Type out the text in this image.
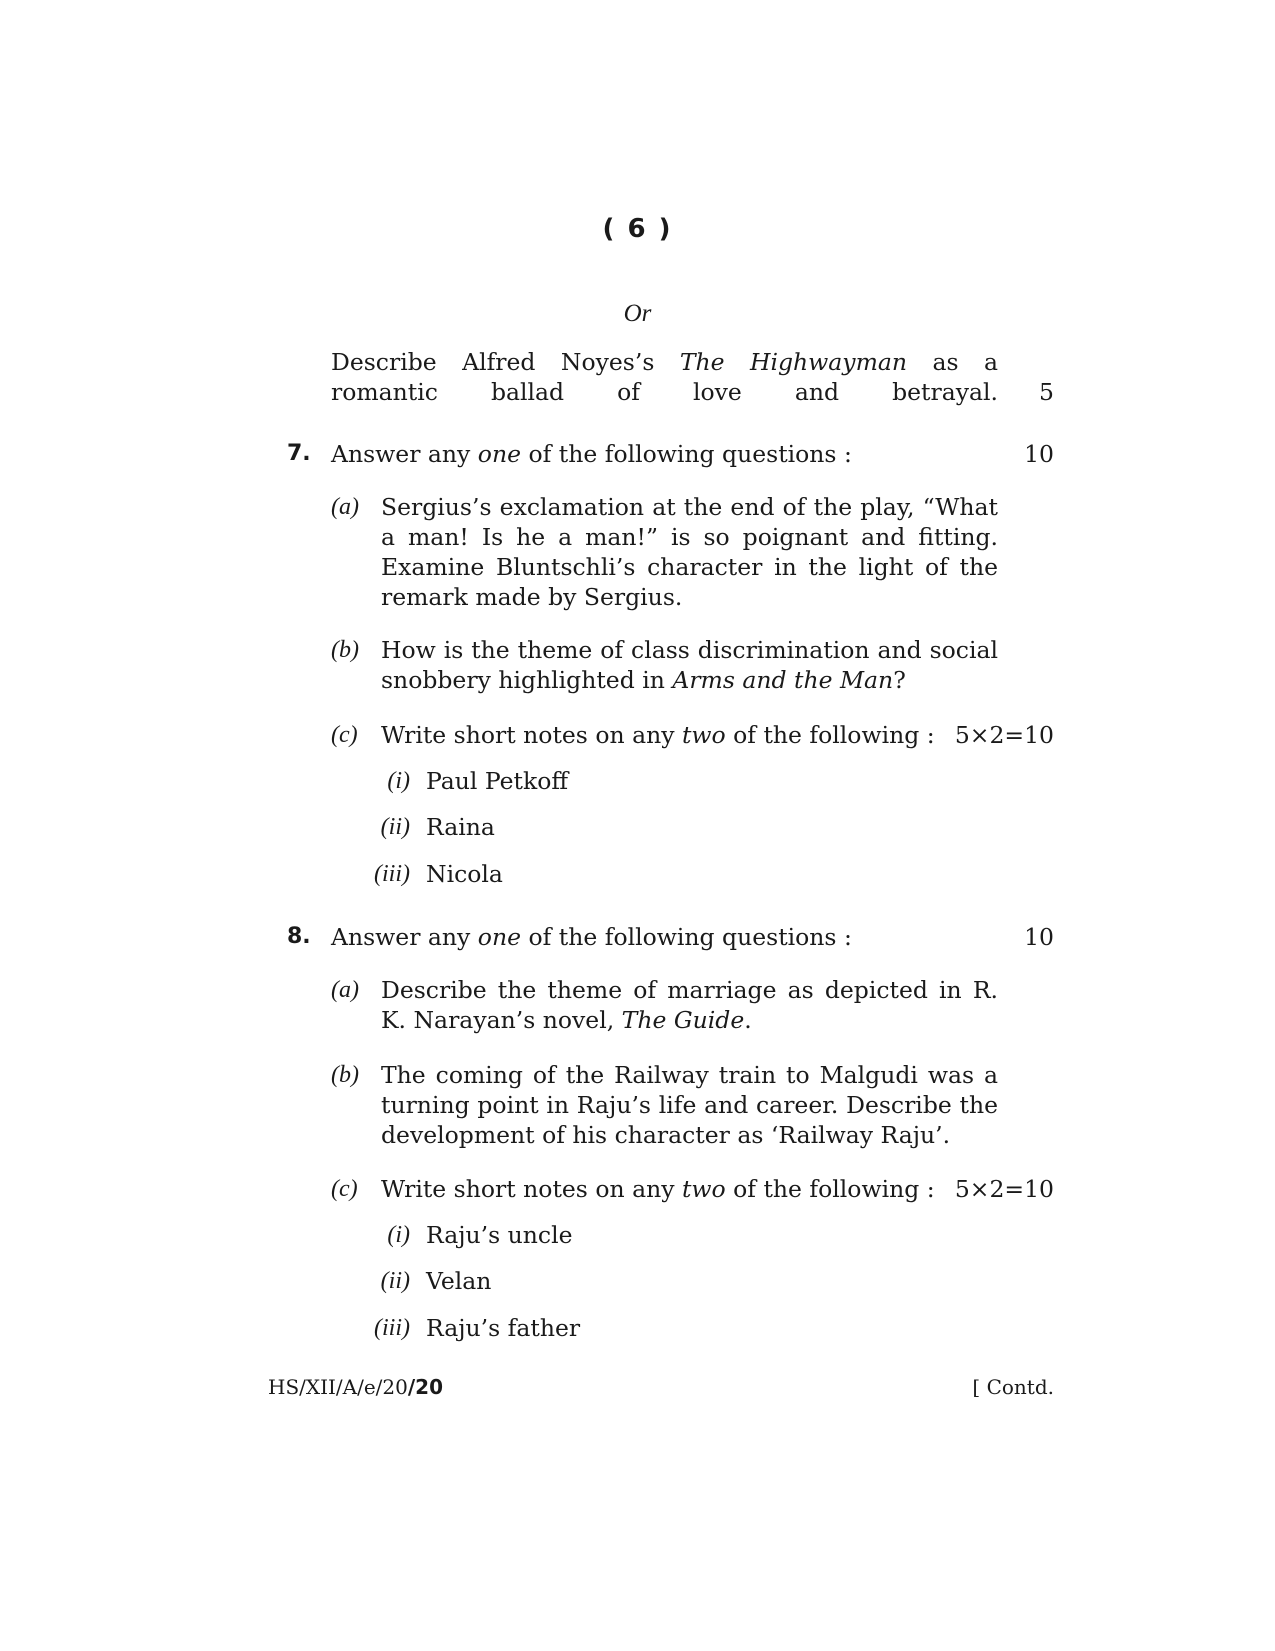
( 6 )
Or
Describe Alfred Noyes’s The Highwayman as a romantic ballad of love and betrayal.	5
7. Answer any one of the following questions :	10
(a) Sergius’s exclamation at the end of the play, “What a man! Is he a man!” is so poignant and fitting. Examine Bluntschli’s character in the light of the remark made by Sergius.
(b) How is the theme of class discrimination and social snobbery highlighted in Arms and the Man?
(c) Write short notes on any two of the following : 5×2=10
(i) Paul Petkoff
(ii) Raina
(iii) Nicola
8. Answer any one of the following questions :	10
(a) Describe the theme of marriage as depicted in R. K. Narayan’s novel, The Guide.
(b) The coming of the Railway train to Malgudi was a turning point in Raju’s life and career. Describe the development of his character as ‘Railway Raju’.
(c) Write short notes on any two of the following : 5×2=10
(i) Raju’s uncle
(ii) Velan
(iii) Raju’s father
HS/XII/A/e/20/20	[ Contd.
